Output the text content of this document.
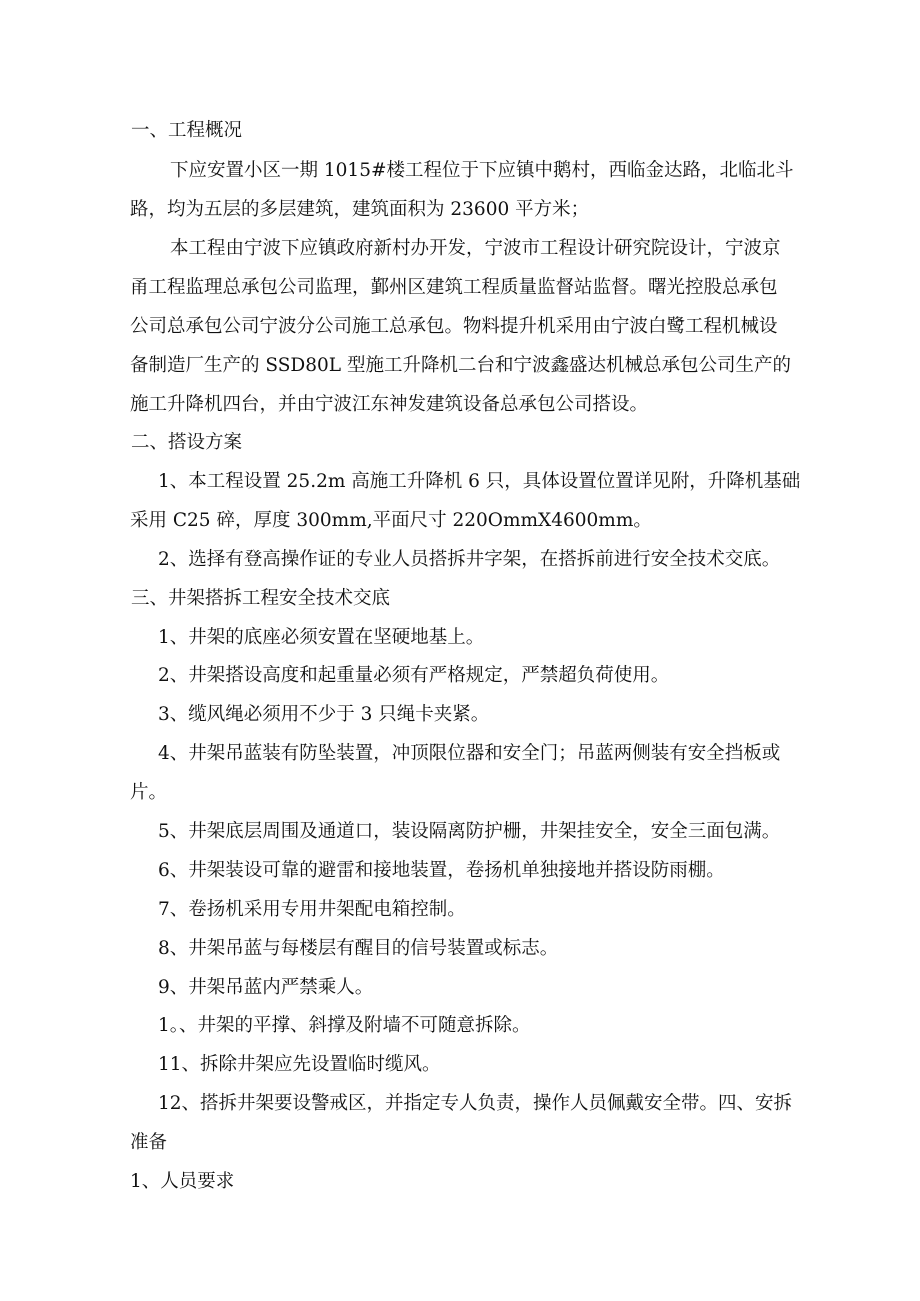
一、工程概况
下应安置小区一期 1015#楼工程位于下应镇中鹅村，西临金达路，北临北斗
路，均为五层的多层建筑，建筑面积为 23600 平方米；
本工程由宁波下应镇政府新村办开发，宁波市工程设计研究院设计，宁波京
甬工程监理总承包公司监理，鄞州区建筑工程质量监督站监督。曙光控股总承包
公司总承包公司宁波分公司施工总承包。物料提升机采用由宁波白鹭工程机械设
备制造厂生产的 SSD80L 型施工升降机二台和宁波鑫盛达机械总承包公司生产的
施工升降机四台，并由宁波江东神发建筑设备总承包公司搭设。
二、搭设方案
1、本工程设置 25.2m 高施工升降机 6 只，具体设置位置详见附，升降机基础
采用 C25 碎，厚度 300mm,平面尺寸 220OmmX4600mm。
2、选择有登高操作证的专业人员搭拆井字架，在搭拆前进行安全技术交底。
三、井架搭拆工程安全技术交底
1、井架的底座必须安置在坚硬地基上。
2、井架搭设高度和起重量必须有严格规定，严禁超负荷使用。
3、缆风绳必须用不少于 3 只绳卡夹紧。
4、井架吊蓝装有防坠装置，冲顶限位器和安全门；吊蓝两侧装有安全挡板或
片。
5、井架底层周围及通道口，装设隔离防护栅，井架挂安全，安全三面包满。
6、井架装设可靠的避雷和接地装置，卷扬机单独接地并搭设防雨棚。
7、卷扬机采用专用井架配电箱控制。
8、井架吊蓝与每楼层有醒目的信号装置或标志。
9、井架吊蓝内严禁乘人。
1。、井架的平撑、斜撑及附墙不可随意拆除。
11、拆除井架应先设置临时缆风。
12、搭拆井架要设警戒区，并指定专人负责，操作人员佩戴安全带。四、安拆
准备
1、人员要求
